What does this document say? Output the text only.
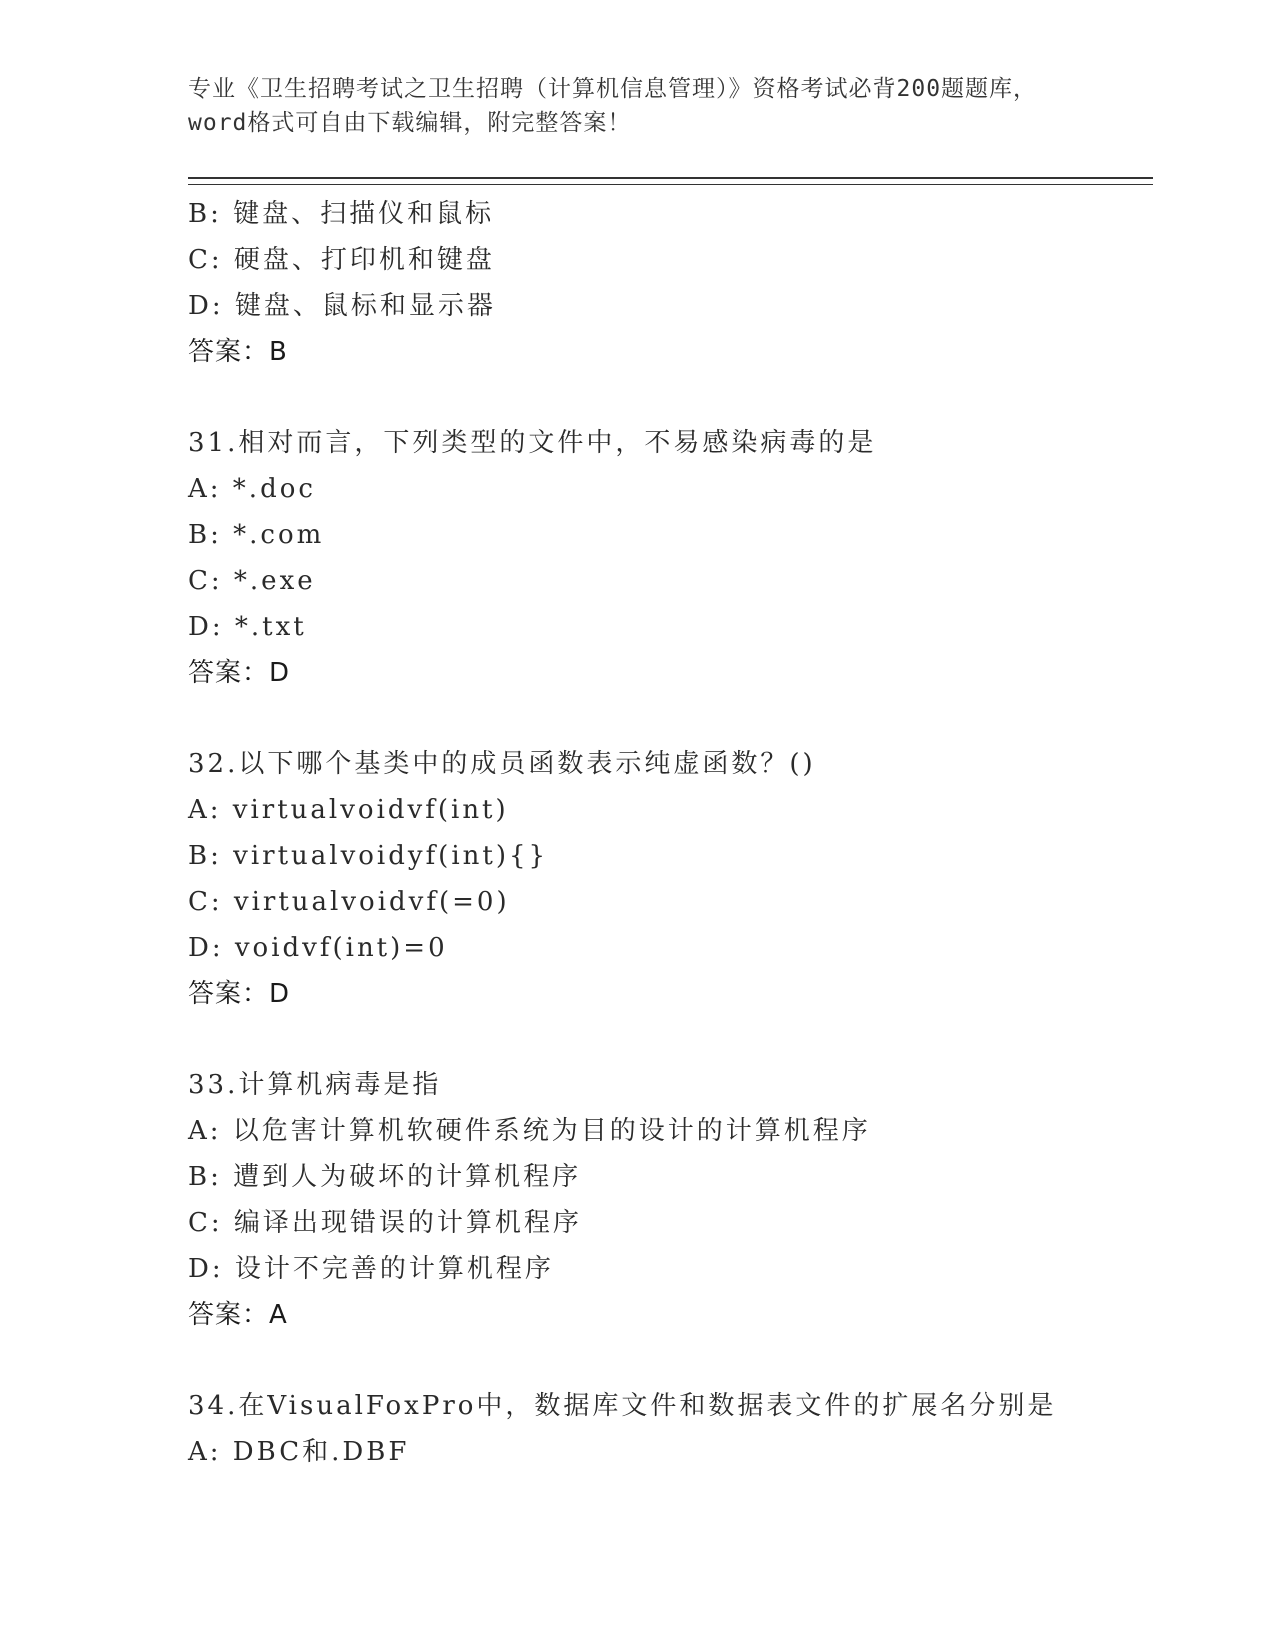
专业《卫生招聘考试之卫生招聘（计算机信息管理）》资格考试必背200题题库，
word格式可自由下载编辑，附完整答案！
B: 键盘、扫描仪和鼠标
C: 硬盘、打印机和键盘
D: 键盘、鼠标和显示器
答案：B
31.相对而言，下列类型的文件中，不易感染病毒的是
A: *.doc
B: *.com
C: *.exe
D: *.txt
答案：D
32.以下哪个基类中的成员函数表示纯虚函数？()
A: virtualvoidvf(int)
B: virtualvoidyf(int){}
C: virtualvoidvf(=0)
D: voidvf(int)=0
答案：D
33.计算机病毒是指
A: 以危害计算机软硬件系统为目的设计的计算机程序
B: 遭到人为破坏的计算机程序
C: 编译出现错误的计算机程序
D: 设计不完善的计算机程序
答案：A
34.在VisualFoxPro中，数据库文件和数据表文件的扩展名分别是
A: DBC和.DBF
